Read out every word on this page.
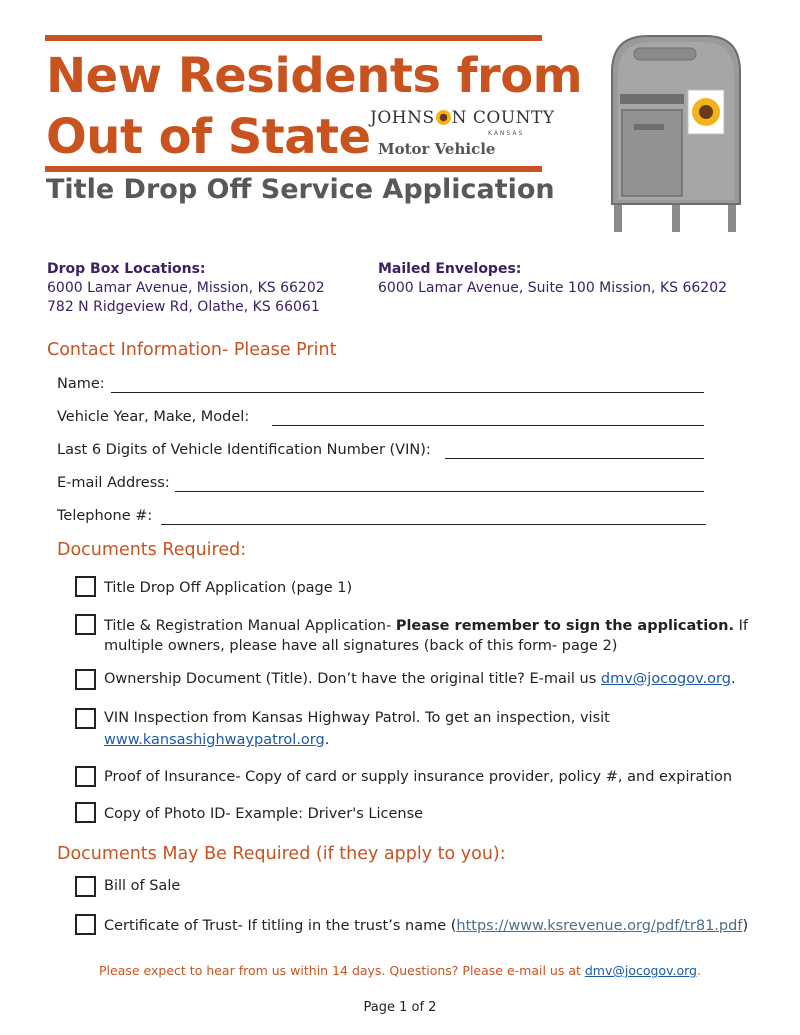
New Residents from
Out of State
Title Drop Off Service Application
JOHNS N COUNTY
KANSAS
Motor Vehicle

Drop Box Locations:

6000 Lamar Avenue, Mission, KS 66202

782 N Ridgeview Rd, Olathe, KS 66061

Mailed Envelopes:

6000 Lamar Avenue, Suite 100 Mission, KS 66202

Contact Information- Please Print

Name:
Vehicle Year, Make, Model:
Last 6 Digits of Vehicle Identification Number (VIN):
E-mail Address:
Telephone #:

Documents Required:

Title Drop Off Application (page 1)
Title & Registration Manual Application- Please remember to sign the application. If
multiple owners, please have all signatures (back of this form- page 2)
Ownership Document (Title). Don’t have the original title? E-mail us dmv@jocogov.org.
VIN Inspection from Kansas Highway Patrol. To get an inspection, visit
www.kansashighwaypatrol.org.
Proof of Insurance- Copy of card or supply insurance provider, policy #, and expiration
Copy of Photo ID- Example: Driver's License

Documents May Be Required (if they apply to you):

Bill of Sale
Certificate of Trust- If titling in the trust’s name (https://www.ksrevenue.org/pdf/tr81.pdf)
Please expect to hear from us within 14 days. Questions? Please e-mail us at dmv@jocogov.org.
Page 1 of 2
